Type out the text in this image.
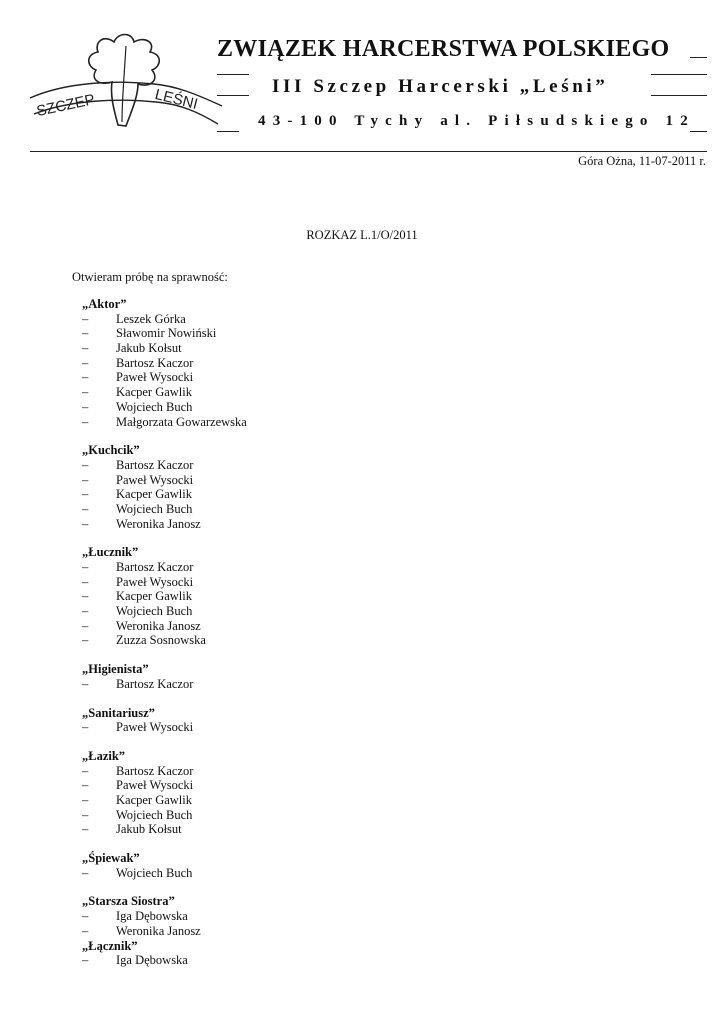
SZCZEP	LEŚNI
ZWIĄZEK HARCERSTWA POLSKIEGO
III Szczep Harcerski „Leśni”
43-100 Tychy al. Piłsudskiego 12
Góra Ożna, 11-07-2011 r.
ROZKAZ L.1/O/2011
Otwieram próbę na sprawność:
„Aktor”
– Leszek Górka
– Sławomir Nowiński
– Jakub Kołsut
– Bartosz Kaczor
– Paweł Wysocki
– Kacper Gawlik
– Wojciech Buch
– Małgorzata Gowarzewska
„Kuchcik”
– Bartosz Kaczor
– Paweł Wysocki
– Kacper Gawlik
– Wojciech Buch
– Weronika Janosz
„Łucznik”
– Bartosz Kaczor
– Paweł Wysocki
– Kacper Gawlik
– Wojciech Buch
– Weronika Janosz
– Zuzza Sosnowska
„Higienista”
– Bartosz Kaczor
„Sanitariusz”
– Paweł Wysocki
„Łazik”
– Bartosz Kaczor
– Paweł Wysocki
– Kacper Gawlik
– Wojciech Buch
– Jakub Kołsut
„Śpiewak”
– Wojciech Buch
„Starsza Siostra”
– Iga Dębowska
– Weronika Janosz
„Łącznik”
– Iga Dębowska
